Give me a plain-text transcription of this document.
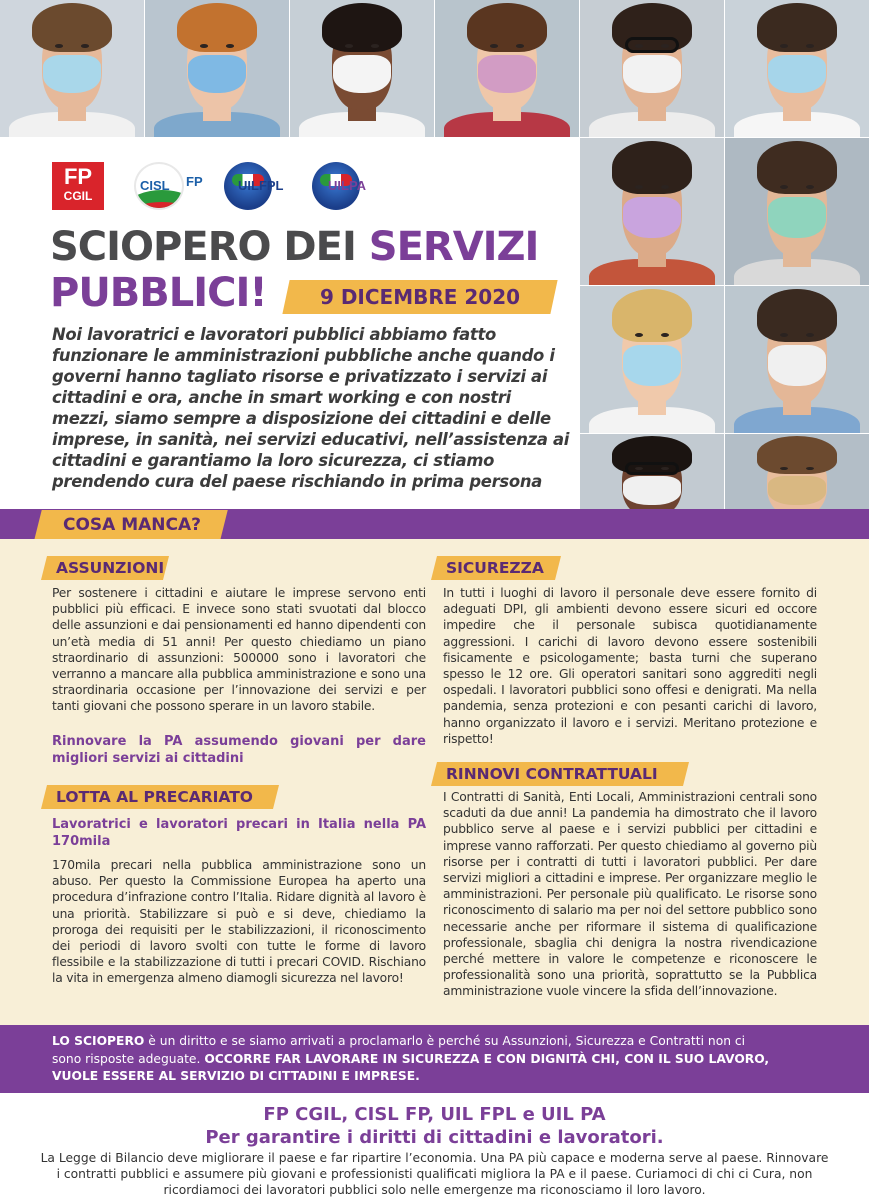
FP
CGIL
CISL FP	UILFPL	UILPA
SCIOPERO DEI SERVIZI
PUBBLICI!	9 DICEMBRE 2020
Noi lavoratrici e lavoratori pubblici abbiamo fatto funzionare le amministrazioni pubbliche anche quando i governi hanno tagliato risorse e privatizzato i servizi ai cittadini e ora, anche in smart working e con nostri mezzi, siamo sempre a disposizione dei cittadini e delle imprese, in sanità, nei servizi educativi, nell’assistenza ai cittadini e garantiamo la loro sicurezza, ci stiamo prendendo cura del paese rischiando in prima persona
COSA MANCA?
ASSUNZIONI
Per sostenere i cittadini e aiutare le imprese servono enti pubblici più efficaci. E invece sono stati svuotati dal blocco delle assunzioni e dai pensionamenti ed hanno dipendenti con un’età media di 51 anni! Per questo chiediamo un piano straordinario di assunzioni: 500000 sono i lavoratori che verranno a mancare alla pubblica amministrazione e sono una straordinaria occasione per l’innovazione dei servizi e per tanti giovani che possono sperare in un lavoro stabile.
Rinnovare la PA assumendo giovani per dare migliori servizi ai cittadini
LOTTA AL PRECARIATO
Lavoratrici e lavoratori precari in Italia nella PA 170mila
170mila precari nella pubblica amministrazione sono un abuso. Per questo la Commissione Europea ha aperto una procedura d’infrazione contro l’Italia. Ridare dignità al lavoro è una priorità. Stabilizzare si può e si deve, chiediamo la proroga dei requisiti per le stabilizzazioni, il riconoscimento dei periodi di lavoro svolti con tutte le forme di lavoro flessibile e la stabilizzazione di tutti i precari COVID. Rischiano la vita in emergenza almeno diamogli sicurezza nel lavoro!
SICUREZZA
In tutti i luoghi di lavoro il personale deve essere fornito di adeguati DPI, gli ambienti devono essere sicuri ed occore impedire che il personale subisca quotidianamente aggressioni. I carichi di lavoro devono essere sostenibili fisicamente e psicologamente; basta turni che superano spesso le 12 ore. Gli operatori sanitari sono aggrediti negli ospedali. I lavoratori pubblici sono offesi e denigrati. Ma nella pandemia, senza protezioni e con pesanti carichi di lavoro, hanno organizzato il lavoro e i servizi. Meritano protezione e rispetto!
RINNOVI CONTRATTUALI
I Contratti di Sanità, Enti Locali, Amministrazioni centrali sono scaduti da due anni! La pandemia ha dimostrato che il lavoro pubblico serve al paese e i servizi pubblici per cittadini e imprese vanno rafforzati. Per questo chiediamo al governo più risorse per i contratti di tutti i lavoratori pubblici. Per dare servizi migliori a cittadini e imprese. Per organizzare meglio le amministrazioni. Per personale più qualificato. Le risorse sono riconoscimento di salario ma per noi del settore pubblico sono necessarie anche per riformare il sistema di qualificazione professionale, sbaglia chi denigra la nostra rivendicazione perché mettere in valore le competenze e riconoscere le professionalità sono una priorità, soprattutto se la Pubblica amministrazione vuole vincere la sfida dell’innovazione.
LO SCIOPERO è un diritto e se siamo arrivati a proclamarlo è perché su Assunzioni, Sicurezza e Contratti non ci sono risposte adeguate. OCCORRE FAR LAVORARE IN SICUREZZA E CON DIGNITÀ CHI, CON IL SUO LAVORO, VUOLE ESSERE AL SERVIZIO DI CITTADINI E IMPRESE.
FP CGIL, CISL FP, UIL FPL e UIL PA
Per garantire i diritti di cittadini e lavoratori.
La Legge di Bilancio deve migliorare il paese e far ripartire l’economia. Una PA più capace e moderna serve al paese. Rinnovare i contratti pubblici e assumere più giovani e professionisti qualificati migliora la PA e il paese. Curiamoci di chi ci Cura, non ricordiamoci dei lavoratori pubblici solo nelle emergenze ma riconosciamo il loro lavoro.
